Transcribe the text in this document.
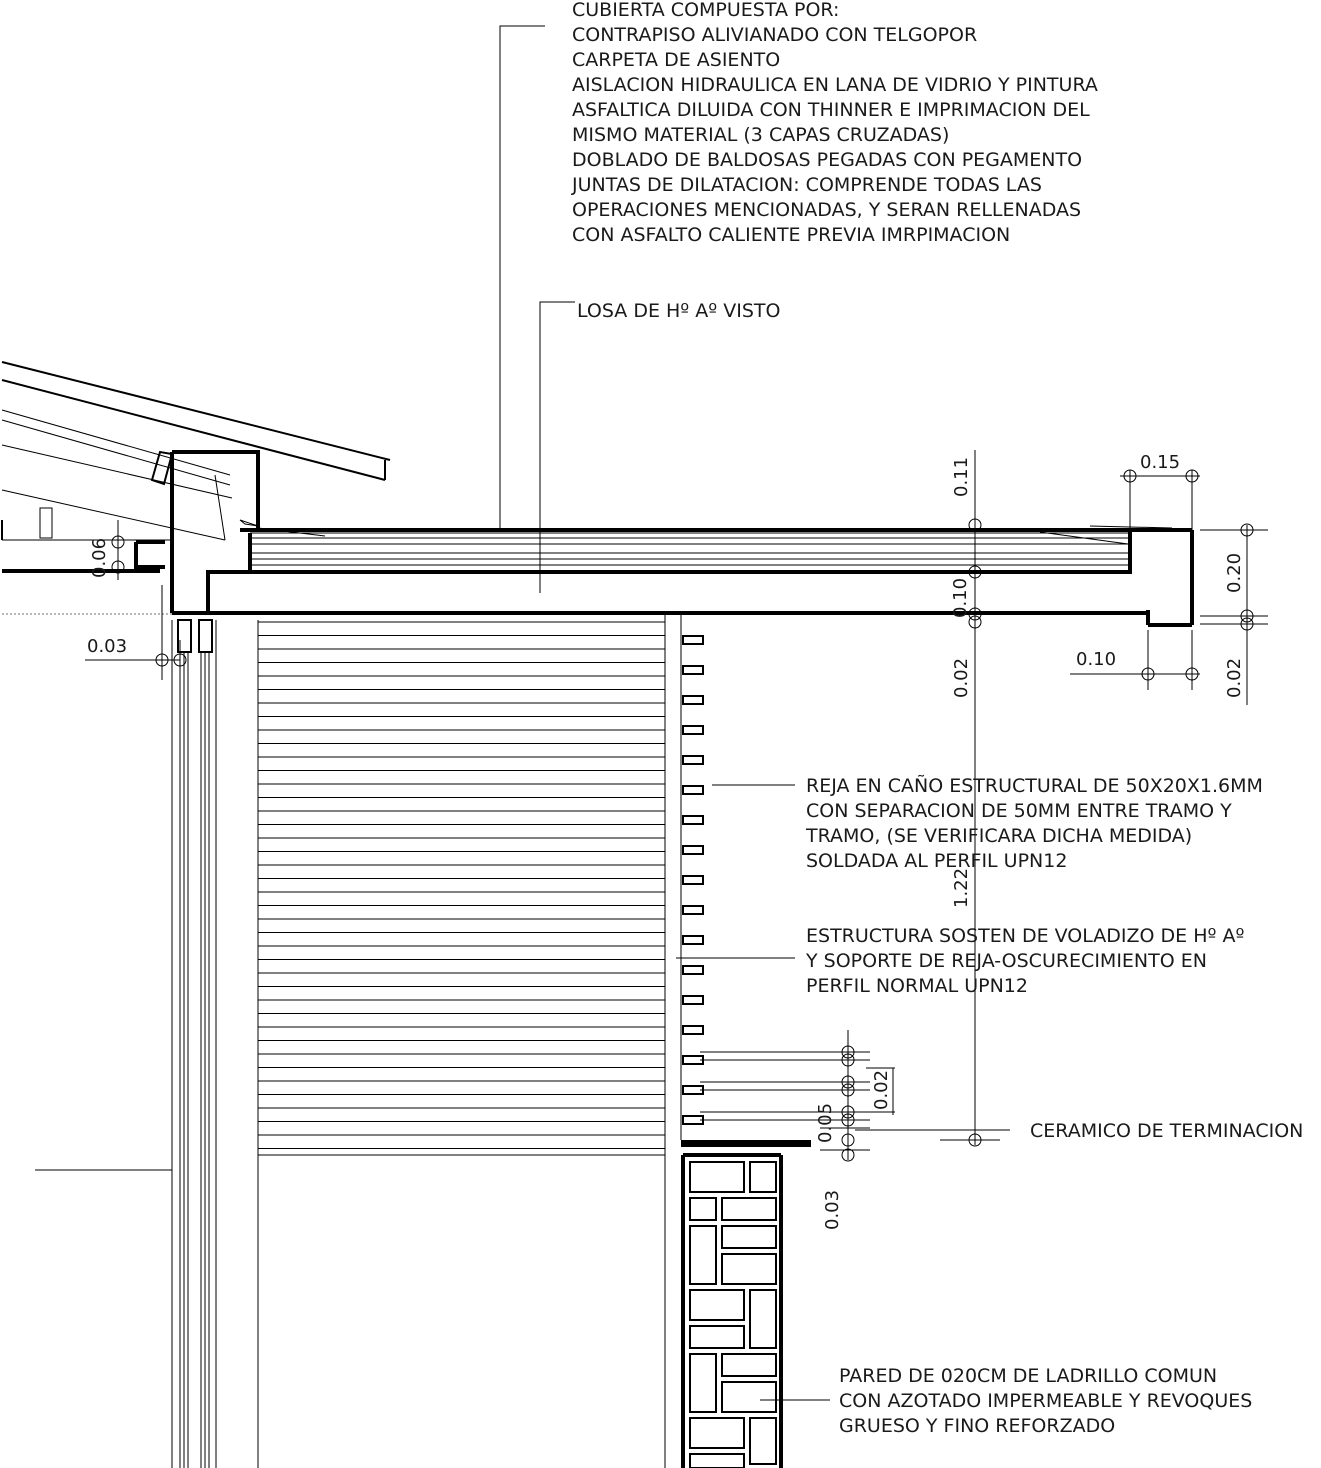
CUBIERTA COMPUESTA POR: CONTRAPISO ALIVIANADO CON TELGOPOR CARPETA DE ASIENTO AISLACION HIDRAULICA EN LANA DE VIDRIO Y PINTURA ASFALTICA DILUIDA CON THINNER E IMPRIMACION DEL MISMO MATERIAL (3 CAPAS CRUZADAS) DOBLADO DE BALDOSAS PEGADAS CON PEGAMENTO JUNTAS DE DILATACION: COMPRENDE TODAS LAS OPERACIONES MENCIONADAS, Y SERAN RELLENADAS CON ASFALTO CALIENTE PREVIA IMRPIMACION
LOSA DE Hº Aº VISTO
REJA EN CAÑO ESTRUCTURAL DE 50X20X1.6MM CON SEPARACION DE 50MM ENTRE TRAMO Y TRAMO, (SE VERIFICARA DICHA MEDIDA) SOLDADA AL PERFIL UPN12
ESTRUCTURA SOSTEN DE VOLADIZO DE Hº Aº Y SOPORTE DE REJA-OSCURECIMIENTO EN PERFIL NORMAL UPN12
CERAMICO DE TERMINACION
PARED DE 020CM DE LADRILLO COMUN CON AZOTADO IMPERMEABLE Y REVOQUES GRUESO Y FINO REFORZADO
0.11	0.15
0.20
0.10
0.10
0.02	0.02
0.06
0.03
1.22
0.02
0.05
0.03
